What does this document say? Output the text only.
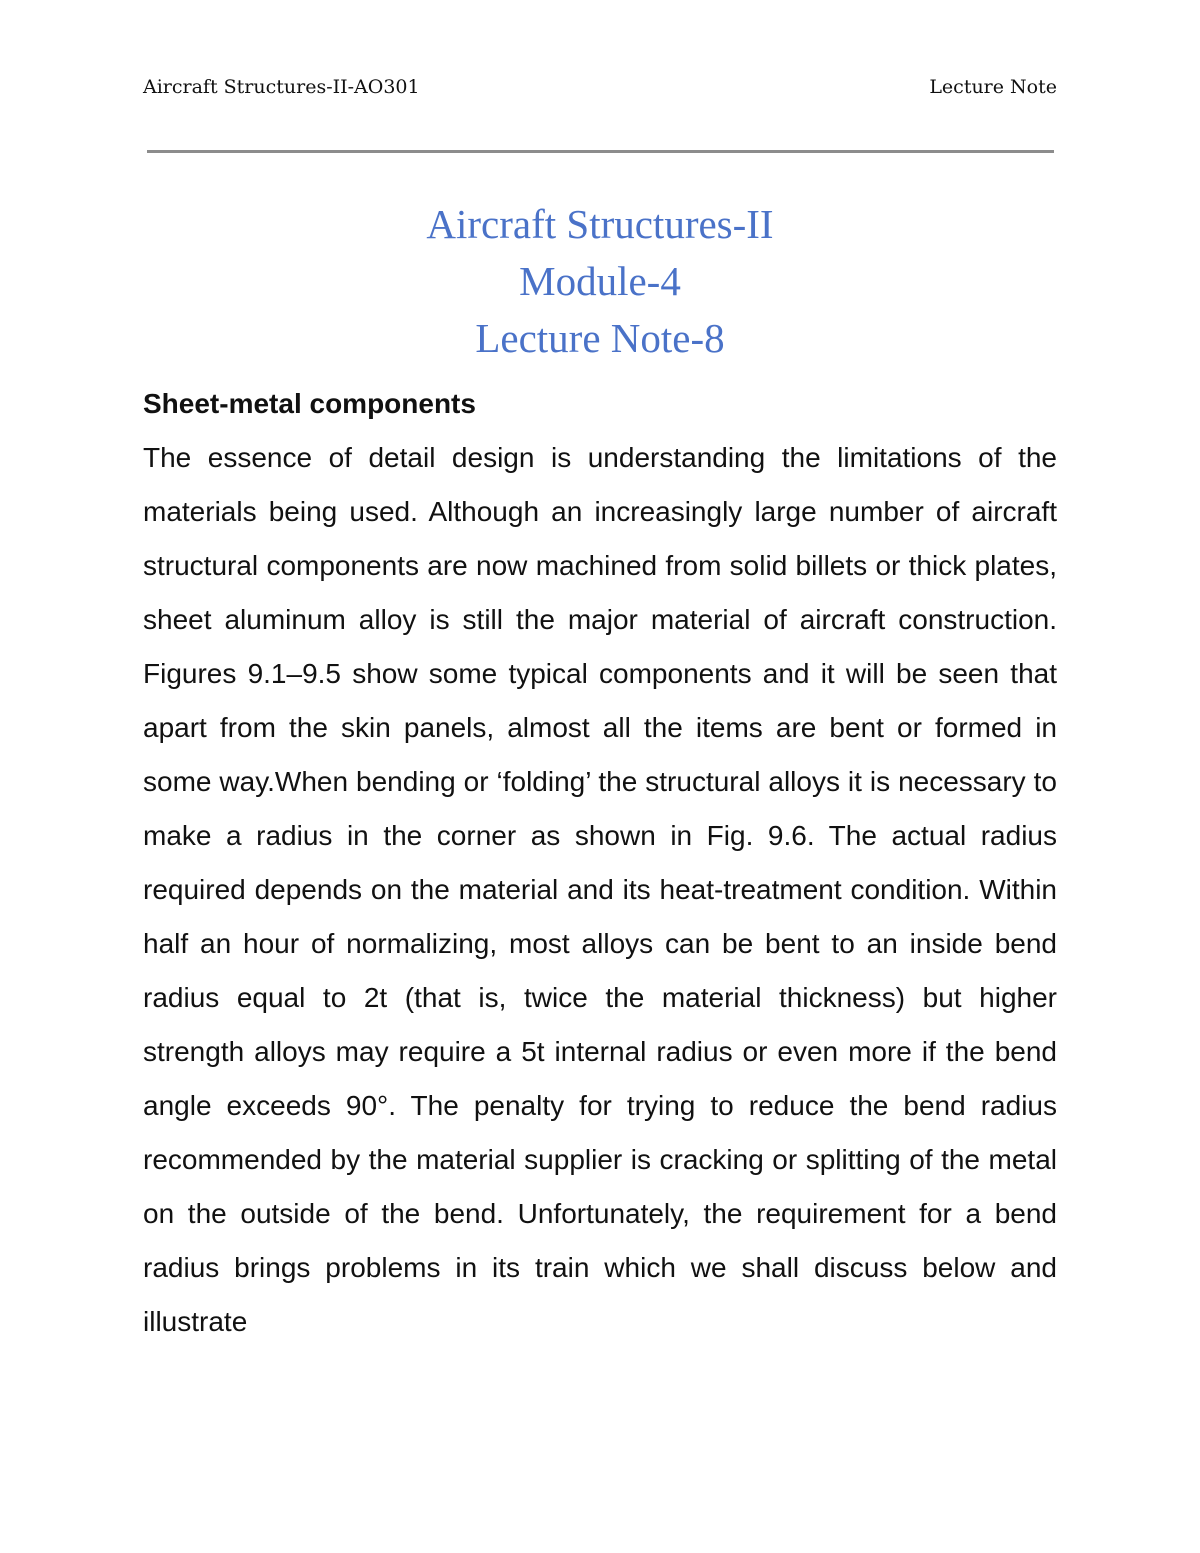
Aircraft Structures-II-AO301	Lecture Note
Aircraft Structures-II
Module-4
Lecture Note-8

Sheet-metal components

The essence of detail design is understanding the limitations of the materials being used. Although an increasingly large number of aircraft structural components are now machined from solid billets or thick plates, sheet aluminum alloy is still the major material of aircraft construction. Figures 9.1–9.5 show some typical components and it will be seen that apart from the skin panels, almost all the items are bent or formed in some way.When bending or ‘folding’ the structural alloys it is necessary to make a radius in the corner as shown in Fig. 9.6. The actual radius required depends on the material and its heat-treatment condition. Within half an hour of normalizing, most alloys can be bent to an inside bend radius equal to 2t (that is, twice the material thickness) but higher strength alloys may require a 5t internal radius or even more if the bend angle exceeds 90°. The penalty for trying to reduce the bend radius recommended by the material supplier is cracking or splitting of the metal on the outside of the bend. Unfortunately, the requirement for a bend radius brings problems in its train which we shall discuss below and illustrate
